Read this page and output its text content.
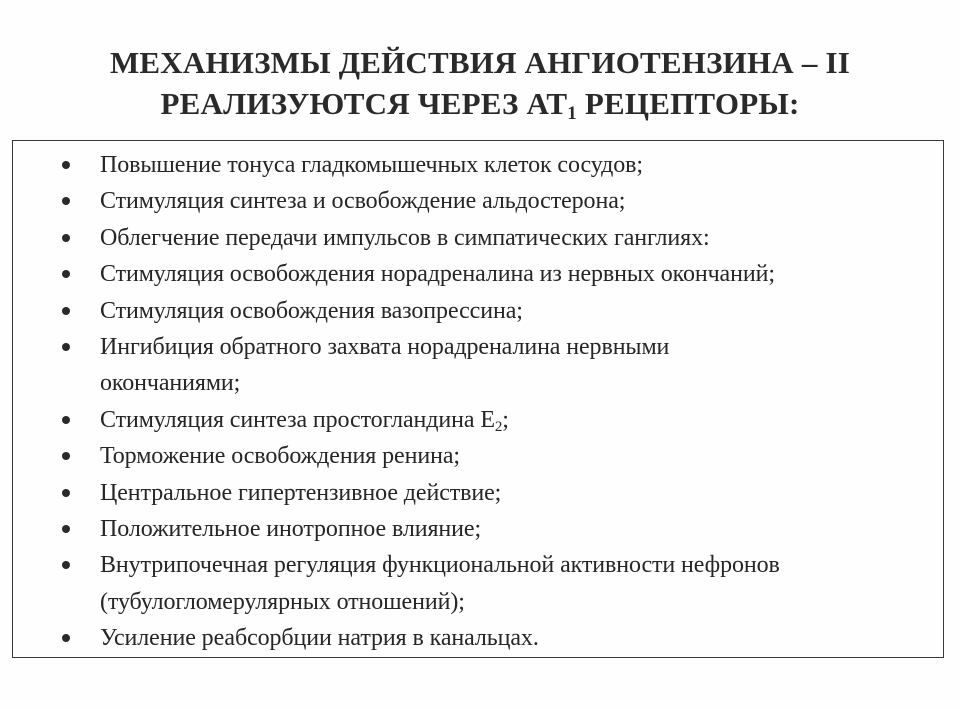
МЕХАНИЗМЫ ДЕЙСТВИЯ АНГИОТЕНЗИНА – II
РЕАЛИЗУЮТСЯ ЧЕРЕЗ $АТ_1$ РЕЦЕПТОРЫ:
Повышение тонуса гладкомышечных клеток сосудов;
Стимуляция синтеза и освобождение альдостерона;
Облегчение передачи импульсов в симпатических ганглиях:
Стимуляция освобождения норадреналина из нервных окончаний;
Стимуляция освобождения вазопрессина;
Ингибиция обратного захвата норадреналина нервными
окончаниями;
Стимуляция синтеза простогландина $Е_2$;
Торможение освобождения ренина;
Центральное гипертензивное действие;
Положительное инотропное влияние;
Внутрипочечная регуляция функциональной активности нефронов
(тубулогломерулярных отношений);
Усиление реабсорбции натрия в канальцах.
